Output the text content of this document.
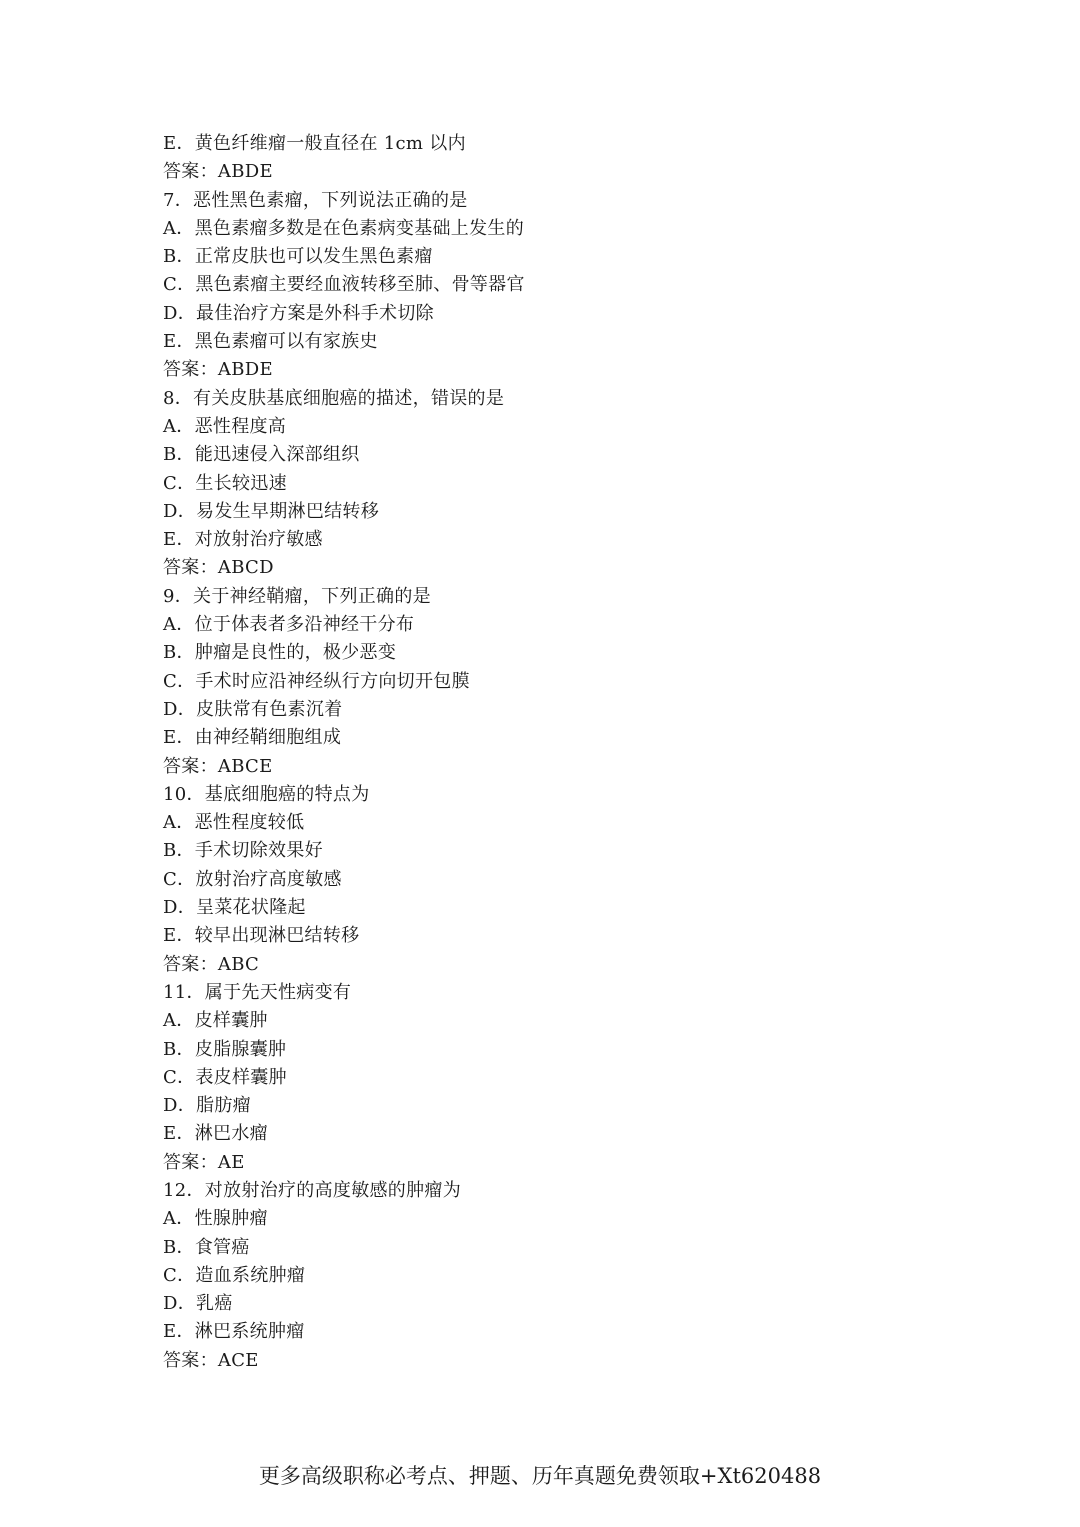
E．黄色纤维瘤一般直径在 1cm 以内
答案：ABDE
7．恶性黑色素瘤，下列说法正确的是
A．黑色素瘤多数是在色素病变基础上发生的
B．正常皮肤也可以发生黑色素瘤
C．黑色素瘤主要经血液转移至肺、骨等器官
D．最佳治疗方案是外科手术切除
E．黑色素瘤可以有家族史
答案：ABDE
8．有关皮肤基底细胞癌的描述，错误的是
A．恶性程度高
B．能迅速侵入深部组织
C．生长较迅速
D．易发生早期淋巴结转移
E．对放射治疗敏感
答案：ABCD
9．关于神经鞘瘤，下列正确的是
A．位于体表者多沿神经干分布
B．肿瘤是良性的，极少恶变
C．手术时应沿神经纵行方向切开包膜
D．皮肤常有色素沉着
E．由神经鞘细胞组成
答案：ABCE
10．基底细胞癌的特点为
A．恶性程度较低
B．手术切除效果好
C．放射治疗高度敏感
D．呈菜花状隆起
E．较早出现淋巴结转移
答案：ABC
11．属于先天性病变有
A．皮样囊肿
B．皮脂腺囊肿
C．表皮样囊肿
D．脂肪瘤
E．淋巴水瘤
答案：AE
12．对放射治疗的高度敏感的肿瘤为
A．性腺肿瘤
B．食管癌
C．造血系统肿瘤
D．乳癌
E．淋巴系统肿瘤
答案：ACE
更多高级职称必考点、押题、历年真题免费领取+Xt620488
